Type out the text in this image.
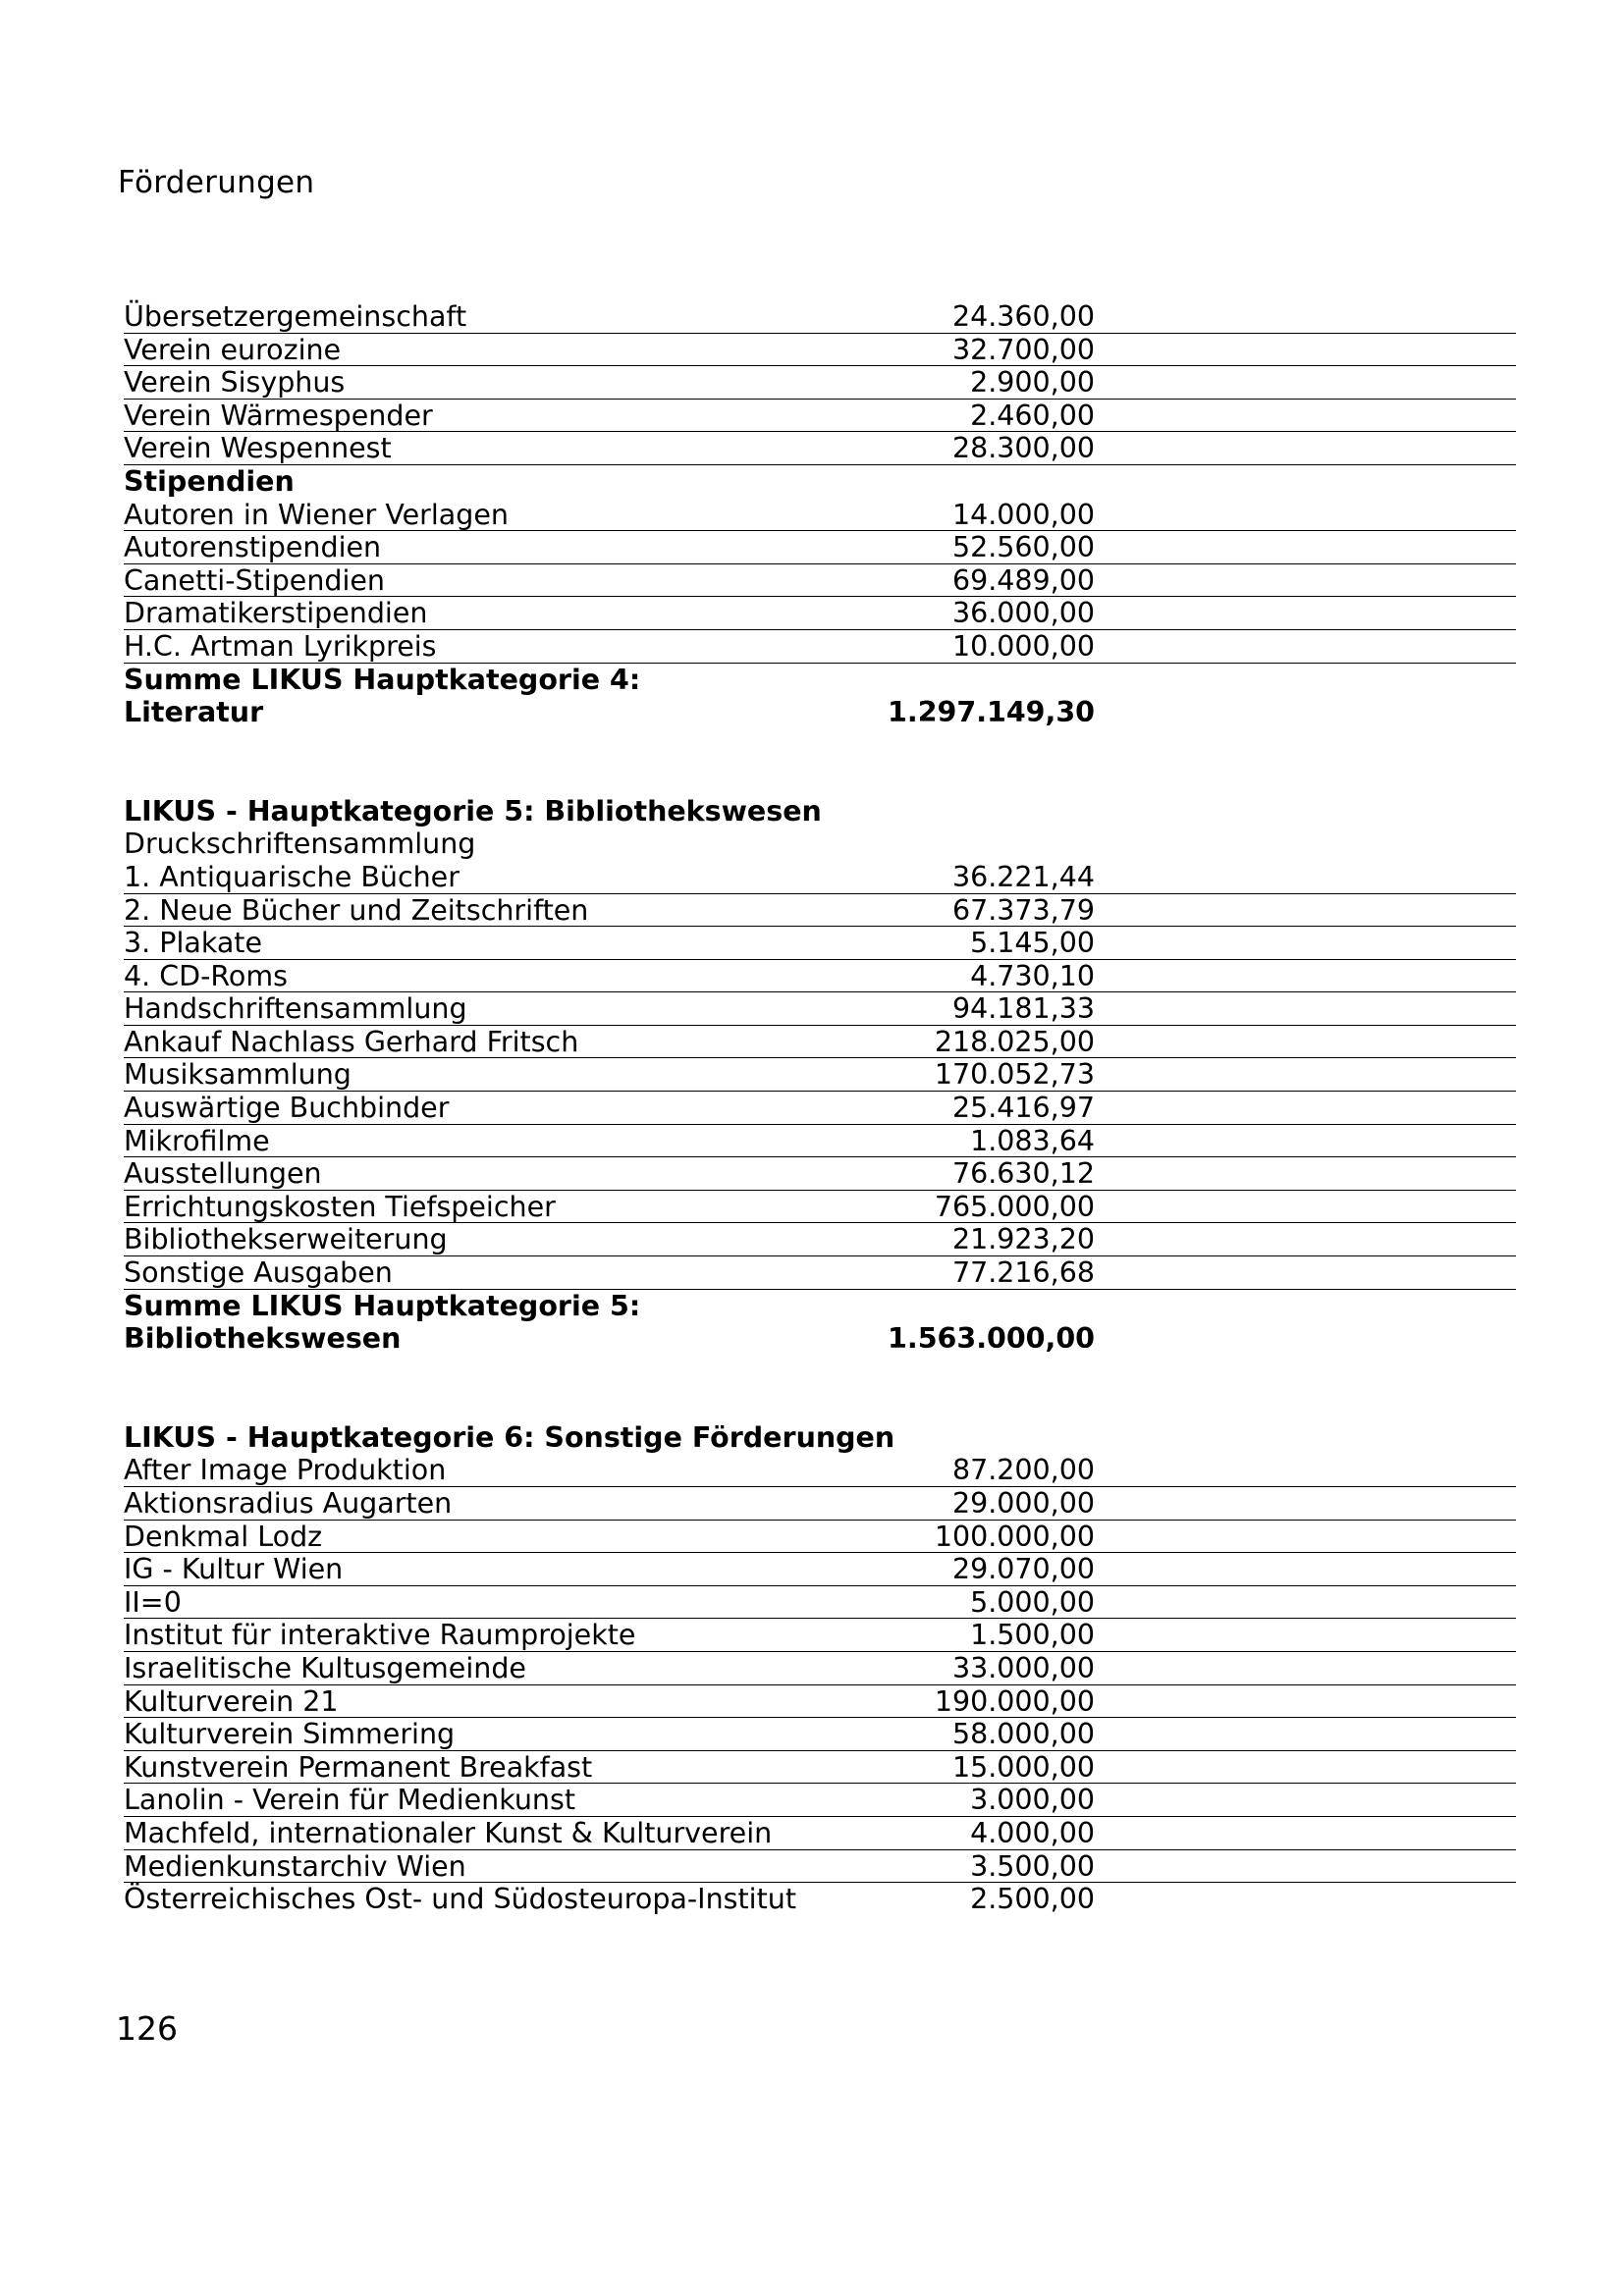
Förderungen
Übersetzergemeinschaft	24.360,00
Verein eurozine	32.700,00
Verein Sisyphus	2.900,00
Verein Wärmespender	2.460,00
Verein Wespennest	28.300,00
Stipendien
Autoren in Wiener Verlagen	14.000,00
Autorenstipendien	52.560,00
Canetti-Stipendien	69.489,00
Dramatikerstipendien	36.000,00
H.C. Artman Lyrikpreis	10.000,00
Summe LIKUS Hauptkategorie 4:
Literatur	1.297.149,30
LIKUS - Hauptkategorie 5: Bibliothekswesen
Druckschriftensammlung
1. Antiquarische Bücher	36.221,44
2. Neue Bücher und Zeitschriften	67.373,79
3. Plakate	5.145,00
4. CD-Roms	4.730,10
Handschriftensammlung	94.181,33
Ankauf Nachlass Gerhard Fritsch	218.025,00
Musiksammlung	170.052,73
Auswärtige Buchbinder	25.416,97
Mikrofilme	1.083,64
Ausstellungen	76.630,12
Errichtungskosten Tiefspeicher	765.000,00
Bibliothekserweiterung	21.923,20
Sonstige Ausgaben	77.216,68
Summe LIKUS Hauptkategorie 5:
Bibliothekswesen	1.563.000,00
LIKUS - Hauptkategorie 6: Sonstige Förderungen
After Image Produktion	87.200,00
Aktionsradius Augarten	29.000,00
Denkmal Lodz	100.000,00
IG - Kultur Wien	29.070,00
II=0	5.000,00
Institut für interaktive Raumprojekte	1.500,00
Israelitische Kultusgemeinde	33.000,00
Kulturverein 21	190.000,00
Kulturverein Simmering	58.000,00
Kunstverein Permanent Breakfast	15.000,00
Lanolin - Verein für Medienkunst	3.000,00
Machfeld, internationaler Kunst & Kulturverein	4.000,00
Medienkunstarchiv Wien	3.500,00
Österreichisches Ost- und Südosteuropa-Institut	2.500,00
126
